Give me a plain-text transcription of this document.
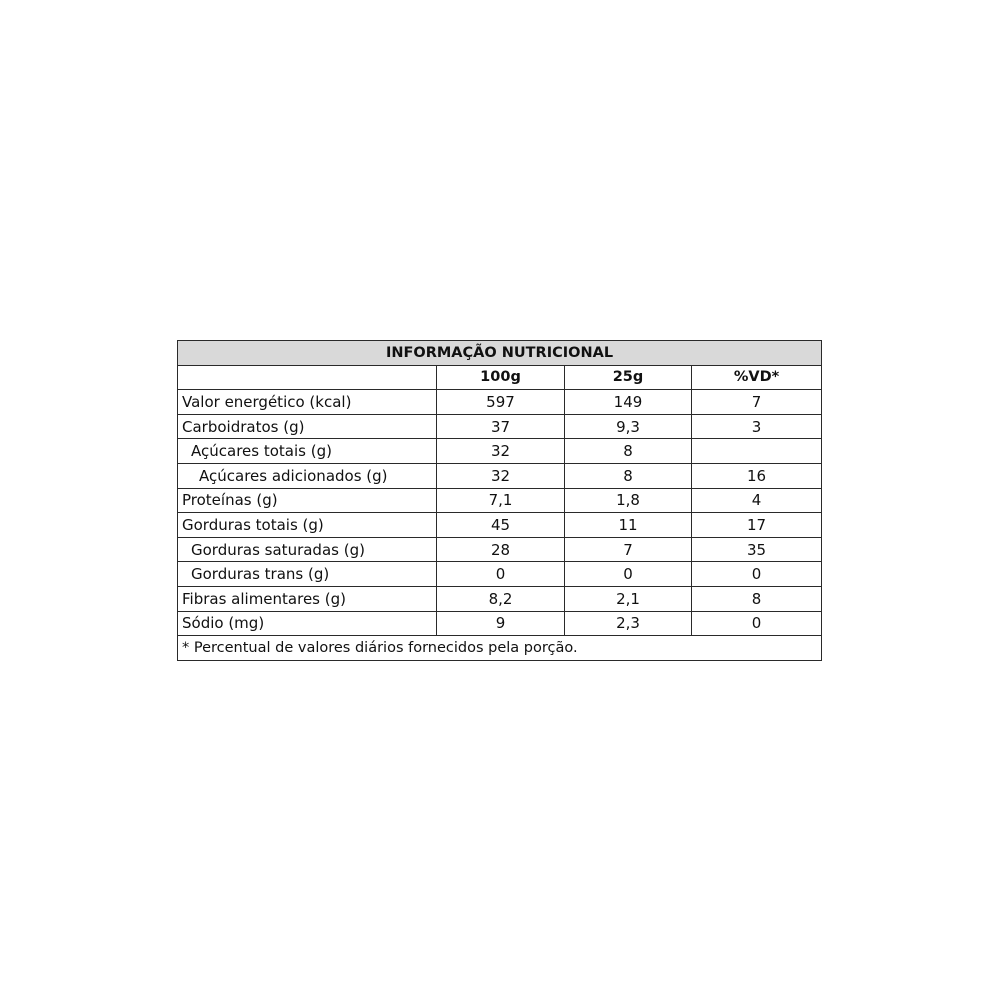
INFORMAÇÃO NUTRICIONAL			
	100g	25g	%VD*
Valor energético (kcal)	597	149	7
Carboidratos (g)	37	9,3	3
Açúcares totais (g)	32	8	
Açúcares adicionados (g)	32	8	16
Proteínas (g)	7,1	1,8	4
Gorduras totais (g)	45	11	17
Gorduras saturadas (g)	28	7	35
Gorduras trans (g)	0	0	0
Fibras alimentares (g)	8,2	2,1	8
Sódio (mg)	9	2,3	0
* Percentual de valores diários fornecidos pela porção.			
